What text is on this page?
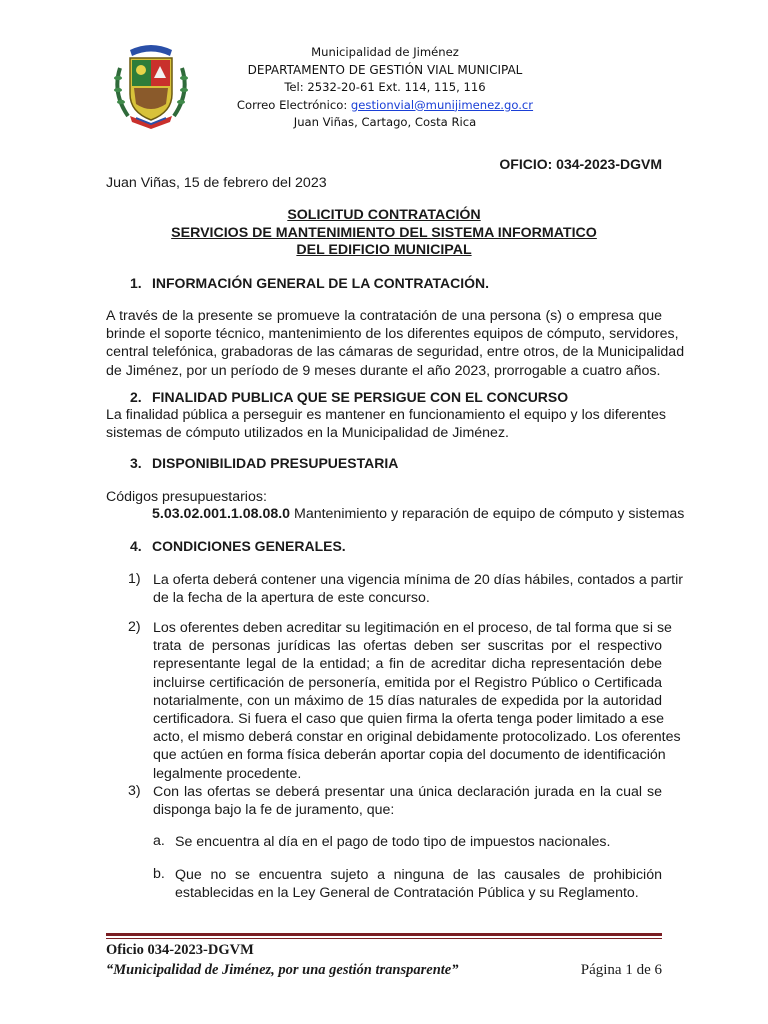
Municipalidad de Jiménez
DEPARTAMENTO DE GESTIÓN VIAL MUNICIPAL
Tel: 2532-20-61 Ext. 114, 115, 116
Correo Electrónico: gestionvial@munijimenez.go.cr
Juan Viñas, Cartago, Costa Rica
OFICIO: 034-2023-DGVM
Juan Viñas, 15 de febrero del 2023
SOLICITUD CONTRATACIÓN
SERVICIOS DE MANTENIMIENTO DEL SISTEMA INFORMATICO
DEL EDIFICIO MUNICIPAL
1. INFORMACIÓN GENERAL DE LA CONTRATACIÓN.
A través de la presente se promueve la contratación de una persona (s) o empresa que
brinde el soporte técnico, mantenimiento de los diferentes equipos de cómputo, servidores,
central telefónica, grabadoras de las cámaras de seguridad, entre otros, de la Municipalidad
de Jiménez, por un período de 9 meses durante el año 2023, prorrogable a cuatro años.
2. FINALIDAD PUBLICA QUE SE PERSIGUE CON EL CONCURSO
La finalidad pública a perseguir es mantener en funcionamiento el equipo y los diferentes
sistemas de cómputo utilizados en la Municipalidad de Jiménez.
3. DISPONIBILIDAD PRESUPUESTARIA
Códigos presupuestarios:
5.03.02.001.1.08.08.0 Mantenimiento y reparación de equipo de cómputo y sistemas
4. CONDICIONES GENERALES.
1) La oferta deberá contener una vigencia mínima de 20 días hábiles, contados a partir
de la fecha de la apertura de este concurso.
2) Los oferentes deben acreditar su legitimación en el proceso, de tal forma que si se
trata de personas jurídicas las ofertas deben ser suscritas por el respectivo
representante legal de la entidad; a fin de acreditar dicha representación debe
incluirse certificación de personería, emitida por el Registro Público o Certificada
notarialmente, con un máximo de 15 días naturales de expedida por la autoridad
certificadora. Si fuera el caso que quien firma la oferta tenga poder limitado a ese
acto, el mismo deberá constar en original debidamente protocolizado. Los oferentes
que actúen en forma física deberán aportar copia del documento de identificación
legalmente procedente.
3) Con las ofertas se deberá presentar una única declaración jurada en la cual se
disponga bajo la fe de juramento, que:
a. Se encuentra al día en el pago de todo tipo de impuestos nacionales.
b. Que no se encuentra sujeto a ninguna de las causales de prohibición
establecidas en la Ley General de Contratación Pública y su Reglamento.
Oficio 034-2023-DGVM
“Municipalidad de Jiménez, por una gestión transparente”	Página 1 de 6
